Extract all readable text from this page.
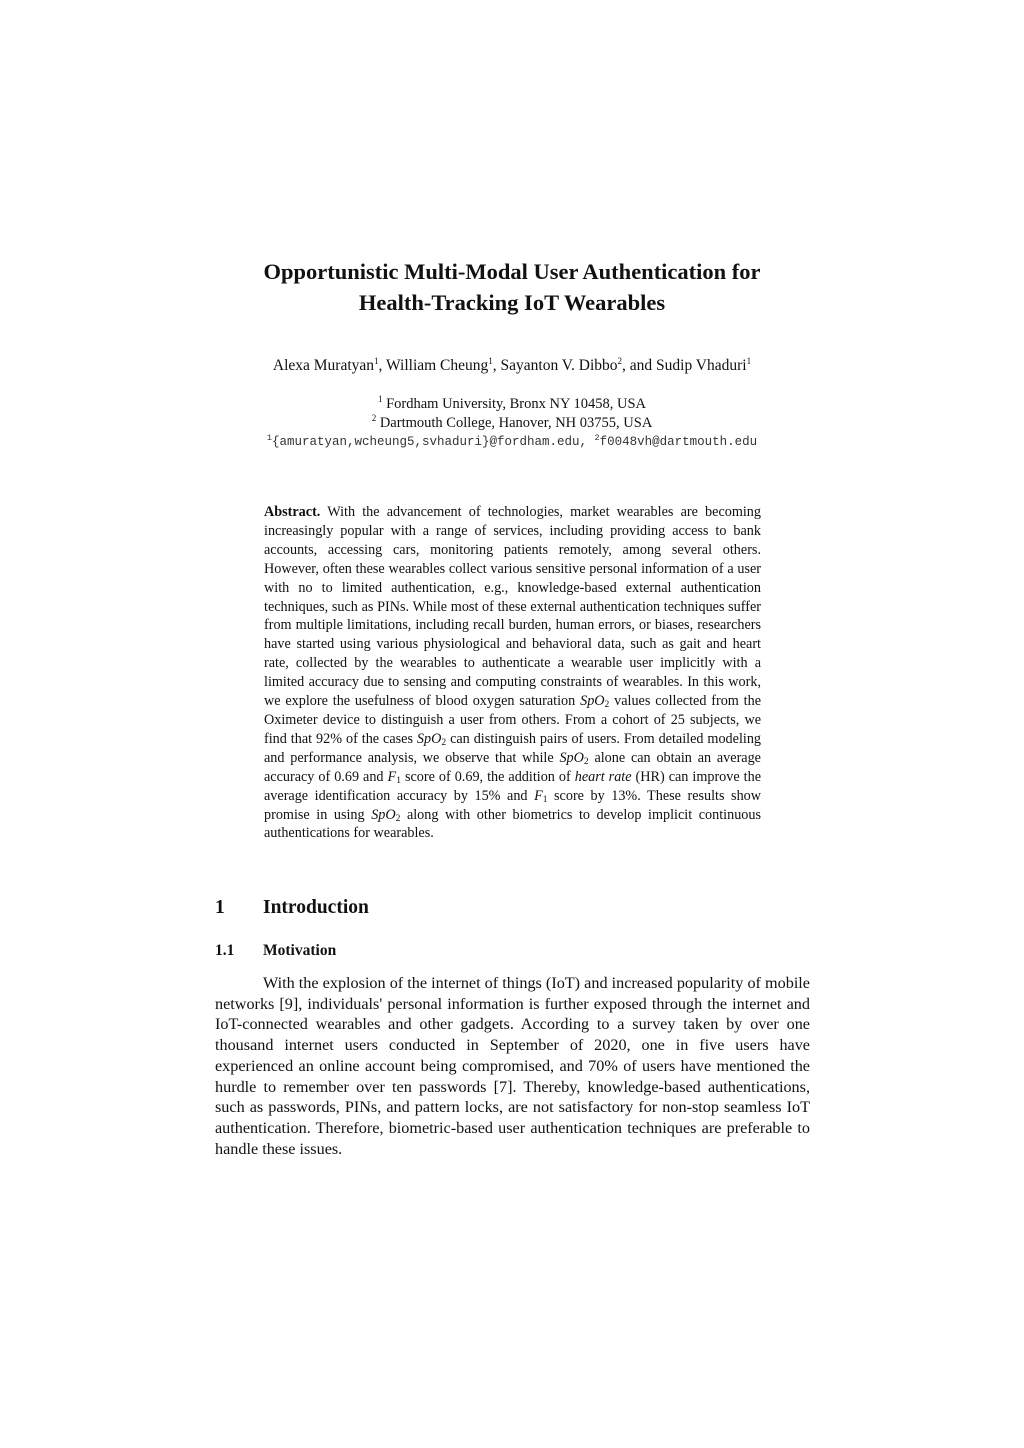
Opportunistic Multi-Modal User Authentication for
Health-Tracking IoT Wearables
Alexa Muratyan$^1$, William Cheung$^1$, Sayanton V. Dibbo$^2$, and Sudip Vhaduri$^1$
$^1$ Fordham University, Bronx NY 10458, USA
$^2$ Dartmouth College, Hanover, NH 03755, USA
$^1${amuratyan,wcheung5,svhaduri}@fordham.edu, $^2$f0048vh@dartmouth.edu
Abstract. With the advancement of technologies, market wearables are becoming increasingly popular with a range of services, including providing access to bank accounts, accessing cars, monitoring patients remotely, among several others. However, often these wearables collect various sensitive personal information of a user with no to limited authentication, e.g., knowledge-based external authentication techniques, such as PINs. While most of these external authentication techniques suffer from multiple limitations, including recall burden, human errors, or biases, researchers have started using various physiological and behavioral data, such as gait and heart rate, collected by the wearables to authenticate a wearable user implicitly with a limited accuracy due to sensing and computing constraints of wearables. In this work, we explore the usefulness of blood oxygen saturation SpO$_2$ values collected from the Oximeter device to distinguish a user from others. From a cohort of 25 subjects, we find that 92% of the cases SpO$_2$ can distinguish pairs of users. From detailed modeling and performance analysis, we observe that while SpO$_2$ alone can obtain an average accuracy of 0.69 and $F_1$ score of 0.69, the addition of heart rate (HR) can improve the average identification accuracy by 15% and $F_1$ score by 13%. These results show promise in using SpO$_2$ along with other biometrics to develop implicit continuous authentications for wearables.
1 Introduction
1.1 Motivation

With the explosion of the internet of things (IoT) and increased popularity of mobile networks [9], individuals' personal information is further exposed through the internet and IoT-connected wearables and other gadgets. According to a survey taken by over one thousand internet users conducted in September of 2020, one in five users have experienced an online account being compromised, and 70% of users have mentioned the hurdle to remember over ten passwords [7]. Thereby, knowledge-based authentications, such as passwords, PINs, and pattern locks, are not satisfactory for non-stop seamless IoT authentication. Therefore, biometric-based user authentication techniques are preferable to handle these issues.
